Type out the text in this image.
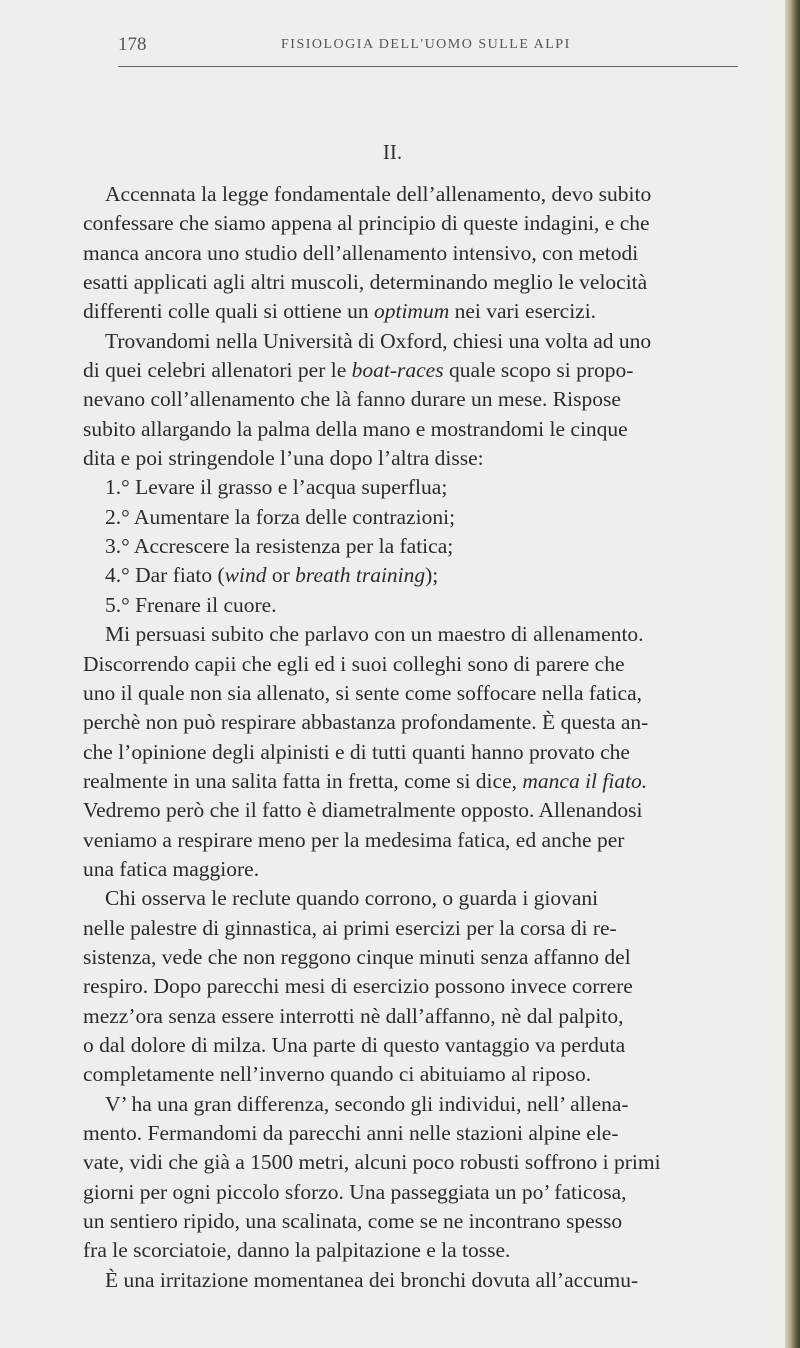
178	FISIOLOGIA DELL'UOMO SULLE ALPI
II.
Accennata la legge fondamentale dell’allenamento, devo subito
confessare che siamo appena al principio di queste indagini, e che
manca ancora uno studio dell’allenamento intensivo, con metodi
esatti applicati agli altri muscoli, determinando meglio le velocità
differenti colle quali si ottiene un optimum nei vari esercizi.
Trovandomi nella Università di Oxford, chiesi una volta ad uno
di quei celebri allenatori per le boat-races quale scopo si propo-
nevano coll’allenamento che là fanno durare un mese. Rispose
subito allargando la palma della mano e mostrandomi le cinque
dita e poi stringendole l’una dopo l’altra disse:
1.° Levare il grasso e l’acqua superflua;
2.° Aumentare la forza delle contrazioni;
3.° Accrescere la resistenza per la fatica;
4.° Dar fiato (wind or breath training);
5.° Frenare il cuore.
Mi persuasi subito che parlavo con un maestro di allenamento.
Discorrendo capii che egli ed i suoi colleghi sono di parere che
uno il quale non sia allenato, si sente come soffocare nella fatica,
perchè non può respirare abbastanza profondamente. È questa an-
che l’opinione degli alpinisti e di tutti quanti hanno provato che
realmente in una salita fatta in fretta, come si dice, manca il fiato.
Vedremo però che il fatto è diametralmente opposto. Allenandosi
veniamo a respirare meno per la medesima fatica, ed anche per
una fatica maggiore.
Chi osserva le reclute quando corrono, o guarda i giovani
nelle palestre di ginnastica, ai primi esercizi per la corsa di re-
sistenza, vede che non reggono cinque minuti senza affanno del
respiro. Dopo parecchi mesi di esercizio possono invece correre
mezz’ora senza essere interrotti nè dall’affanno, nè dal palpito,
o dal dolore di milza. Una parte di questo vantaggio va perduta
completamente nell’inverno quando ci abituiamo al riposo.
V’ ha una gran differenza, secondo gli individui, nell’ allena-
mento. Fermandomi da parecchi anni nelle stazioni alpine ele-
vate, vidi che già a 1500 metri, alcuni poco robusti soffrono i primi
giorni per ogni piccolo sforzo. Una passeggiata un po’ faticosa,
un sentiero ripido, una scalinata, come se ne incontrano spesso
fra le scorciatoie, danno la palpitazione e la tosse.
È una irritazione momentanea dei bronchi dovuta all’accumu-
